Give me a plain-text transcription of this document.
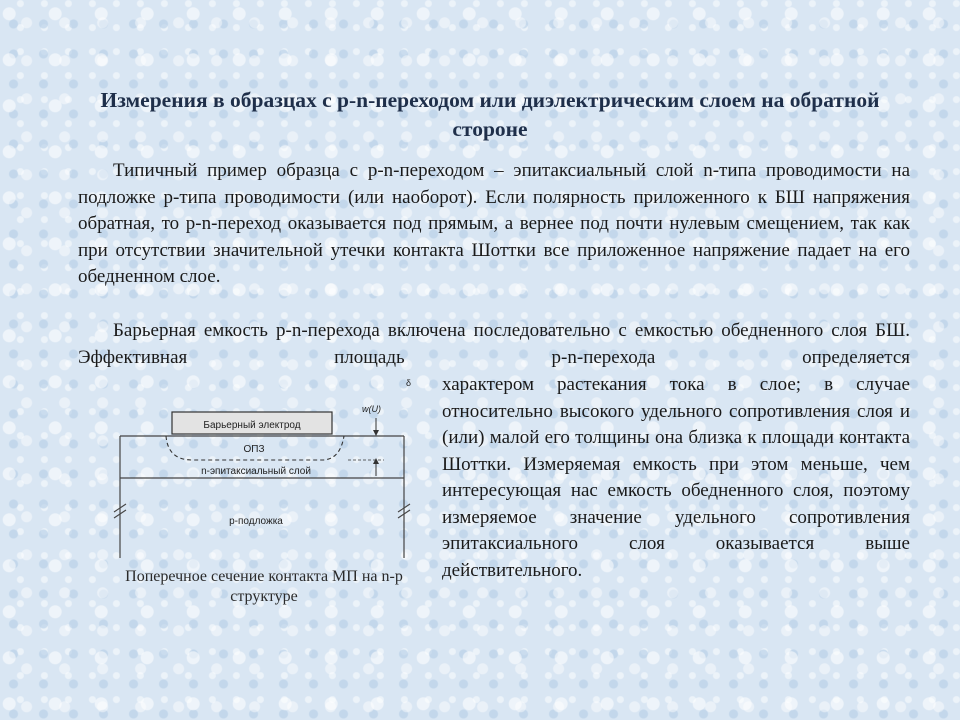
Измерения в образцах с p-n-переходом или диэлектрическим слоем на обратной стороне

Типичный пример образца с p-n-переходом – эпитаксиальный слой n-типа проводимости на подложке p-типа проводимости (или наоборот). Если полярность приложенного к БШ напряжения обратная, то p-n-переход оказывается под прямым, а вернее под почти нулевым смещением, так как при отсутствии значительной утечки контакта Шоттки все приложенное напряжение падает на его обедненном слое.

Барьерная емкость p-n-перехода включена последовательно с емкостью обедненного слоя БШ. Эффективная площадь p-n-перехода определяется

характером растекания тока в слое; в случае относительно высокого удельного сопротивления слоя и (или) малой его толщины она близка к площади контакта Шоттки. Измеряемая емкость при этом меньше, чем интересующая нас емкость обедненного слоя, поэтому измеряемое значение удельного сопротивления эпитаксиального слоя оказывается выше действительного.

Барьерный электрод
ОПЗ
n-эпитаксиальный слой
p-подложка
w(U)
δ
Поперечное сечение контакта МП на n-p структуре
